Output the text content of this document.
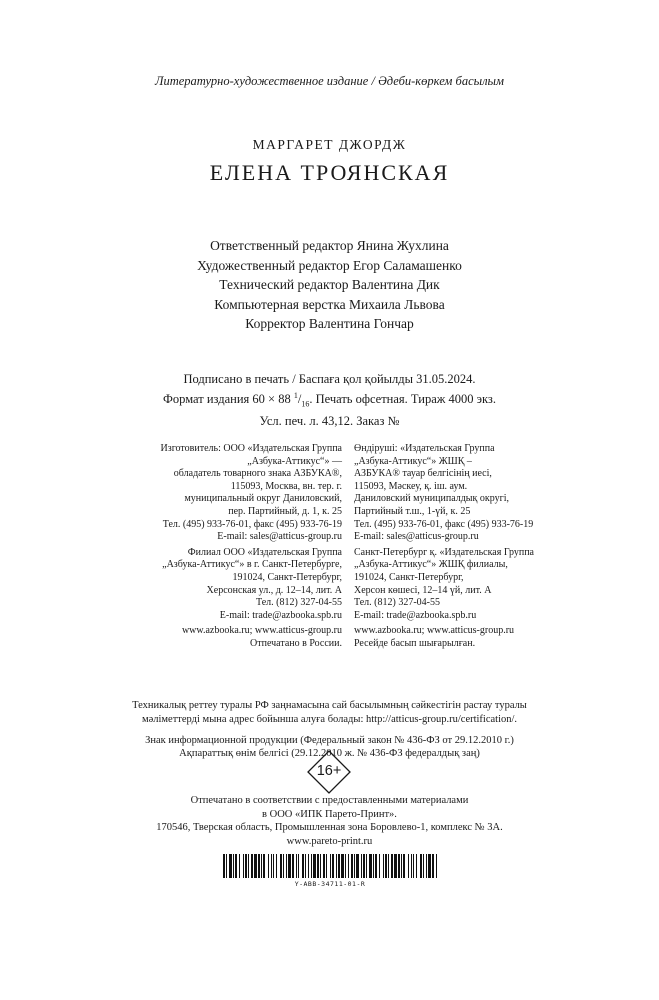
Литературно-художественное издание / Әдеби-көркем басылым
МАРГАРЕТ ДЖОРДЖ
ЕЛЕНА ТРОЯНСКАЯ
Ответственный редактор Янина Жухлина
Художественный редактор Егор Саламашенко
Технический редактор Валентина Дик
Компьютерная верстка Михаила Львова
Корректор Валентина Гончар
Подписано в печать / Баспаға қол қойылды 31.05.2024.
Формат издания 60 × 88 $^1/_{16}$. Печать офсетная. Тираж 4000 экз.
Усл. печ. л. 43,12. Заказ №
Изготовитель: ООО «Издательская Группа
„Азбука-Аттикус“» —
обладатель товарного знака АЗБУКА®,
115093, Москва, вн. тер. г.
муниципальный округ Даниловский,
пер. Партийный, д. 1, к. 25
Тел. (495) 933-76-01, факс (495) 933-76-19
E-mail: sales@atticus-group.ru
Филиал ООО «Издательская Группа
„Азбука-Аттикус“» в г. Санкт-Петербурге,
191024, Санкт-Петербург,
Херсонская ул., д. 12–14, лит. А
Тел. (812) 327-04-55
E-mail: trade@azbooka.spb.ru
www.azbooka.ru; www.atticus-group.ru
Отпечатано в России.
Өндіруші: «Издательская Группа
„Азбука-Аттикус“» ЖШҚ –
АЗБУКА® тауар белгісінің иесі,
115093, Мәскеу, қ. іш. аум.
Даниловский муниципалдық округі,
Партийный т.ш., 1-үй, к. 25
Тел. (495) 933-76-01, факс (495) 933-76-19
E-mail: sales@atticus-group.ru
Санкт-Петербург қ. «Издательская Группа
„Азбука-Аттикус“» ЖШҚ филиалы,
191024, Санкт-Петербург,
Херсон көшесі, 12–14 үй, лит. А
Тел. (812) 327-04-55
E-mail: trade@azbooka.spb.ru
www.azbooka.ru; www.atticus-group.ru
Ресейде басып шығарылған.
Техникалық реттеу туралы РФ заңнамасына сай басылымның сәйкестігін растау туралы
мәліметтерді мына адрес бойынша алуға болады: http://atticus-group.ru/certification/.
Знак информационной продукции (Федеральный закон № 436-ФЗ от 29.12.2010 г.)
Ақпараттық өнім белгісі (29.12.2010 ж. № 436-ФЗ федералдық заң)
16+
Отпечатано в соответствии с предоставленными материалами
в ООО «ИПК Парето-Принт».
170546, Тверская область, Промышленная зона Боровлево-1, комплекс № 3А.
www.pareto-print.ru
Y-ABB-34711-01-R
